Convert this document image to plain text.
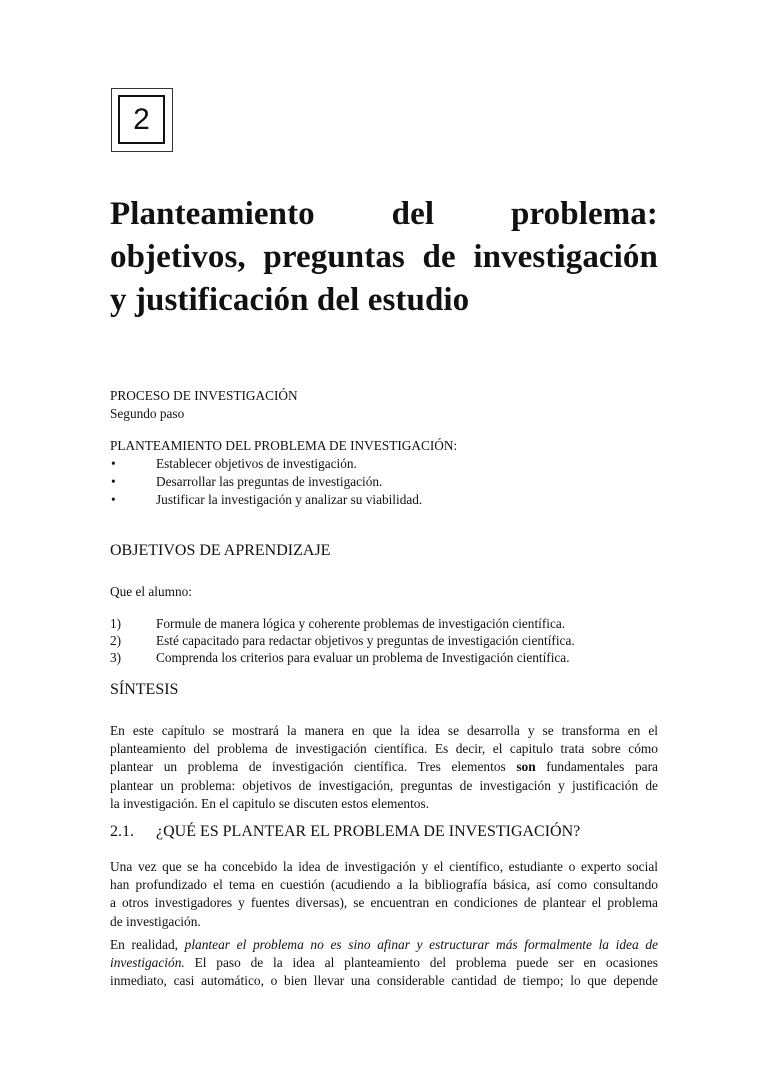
2
Planteamiento del problema:
objetivos, preguntas de investigación
y justificación del estudio
PROCESO DE INVESTIGACIÓN
Segundo paso
PLANTEAMIENTO DEL PROBLEMA DE INVESTIGACIÓN:
•	Establecer objetivos de investigación.
•	Desarrollar las preguntas de investigación.
•	Justificar la investigación y analizar su viabilidad.
OBJETIVOS DE APRENDIZAJE
Que el alumno:
1)	Formule de manera lógica y coherente problemas de investigación científica.
2)	Esté capacitado para redactar objetivos y preguntas de investigación científica.
3)	Comprenda los criterios para evaluar un problema de Investigación científica.
SÍNTESIS
En este capítulo se mostrará la manera en que la idea se desarrolla y se transforma en el
planteamiento del problema de investigación científica. Es decir, el capitulo trata sobre cómo
plantear un problema de investigación científica. Tres elementos son fundamentales para
plantear un problema: objetivos de investigación, preguntas de investigación y justificación de
la investigación. En el capitulo se discuten estos elementos.
2.1. ¿QUÉ ES PLANTEAR EL PROBLEMA DE INVESTIGACIÓN?
Una vez que se ha concebido la idea de investigación y el científico, estudiante o experto social
han profundizado el tema en cuestión (acudiendo a la bibliografía básica, así como consultando
a otros investigadores y fuentes diversas), se encuentran en condiciones de plantear el problema
de investigación.
En realidad, plantear el problema no es sino afinar y estructurar más formalmente la idea de
investigación. El paso de la idea al planteamiento del problema puede ser en ocasiones
inmediato, casi automático, o bien llevar una considerable cantidad de tiempo; lo que depende
